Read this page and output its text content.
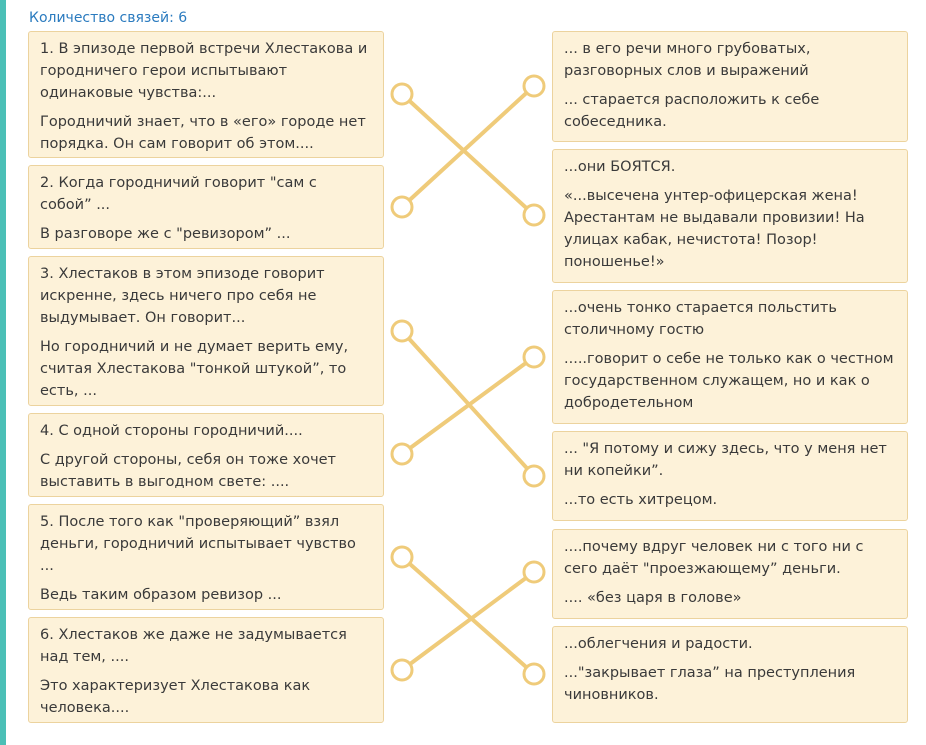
Количество связей: 6

1. В эпизоде первой встречи Хлестакова и городничего герои испытывают одинаковые чувства:...

Городничий знает, что в «его» городе нет порядка. Он сам говорит об этом....

2. Когда городничий говорит "сам с собой” ...

В разговоре же с "ревизором” ...

3. Хлестаков в этом эпизоде говорит искренне, здесь ничего про себя не выдумывает. Он говорит...

Но городничий и не думает верить ему, считая Хлестакова "тонкой штукой”, то есть, ...

4. С одной стороны городничий....

С другой стороны, себя он тоже хочет выставить в выгодном свете: ....

5. После того как "проверяющий” взял деньги, городничий испытывает чувство ...

Ведь таким образом ревизор ...

6. Хлестаков же даже не задумывается над тем, ....

Это характеризует Хлестакова как человека....

... в его речи много грубоватых, разговорных слов и выражений

... старается расположить к себе собеседника.

...они БОЯТСЯ.

«...высечена унтер-офицерская жена! Арестантам не выдавали провизии! На улицах кабак, нечистота! Позор! поношенье!»

...очень тонко старается польстить столичному гостю

.....говорит о себе не только как о честном государственном служащем, но и как о добродетельном

... "Я потому и сижу здесь, что у меня нет ни копейки”.

...то есть хитрецом.

....почему вдруг человек ни с того ни с сего даёт "проезжающему” деньги.

.... «без царя в голове»

...облегчения и радости.

..."закрывает глаза” на преступления чиновников.
